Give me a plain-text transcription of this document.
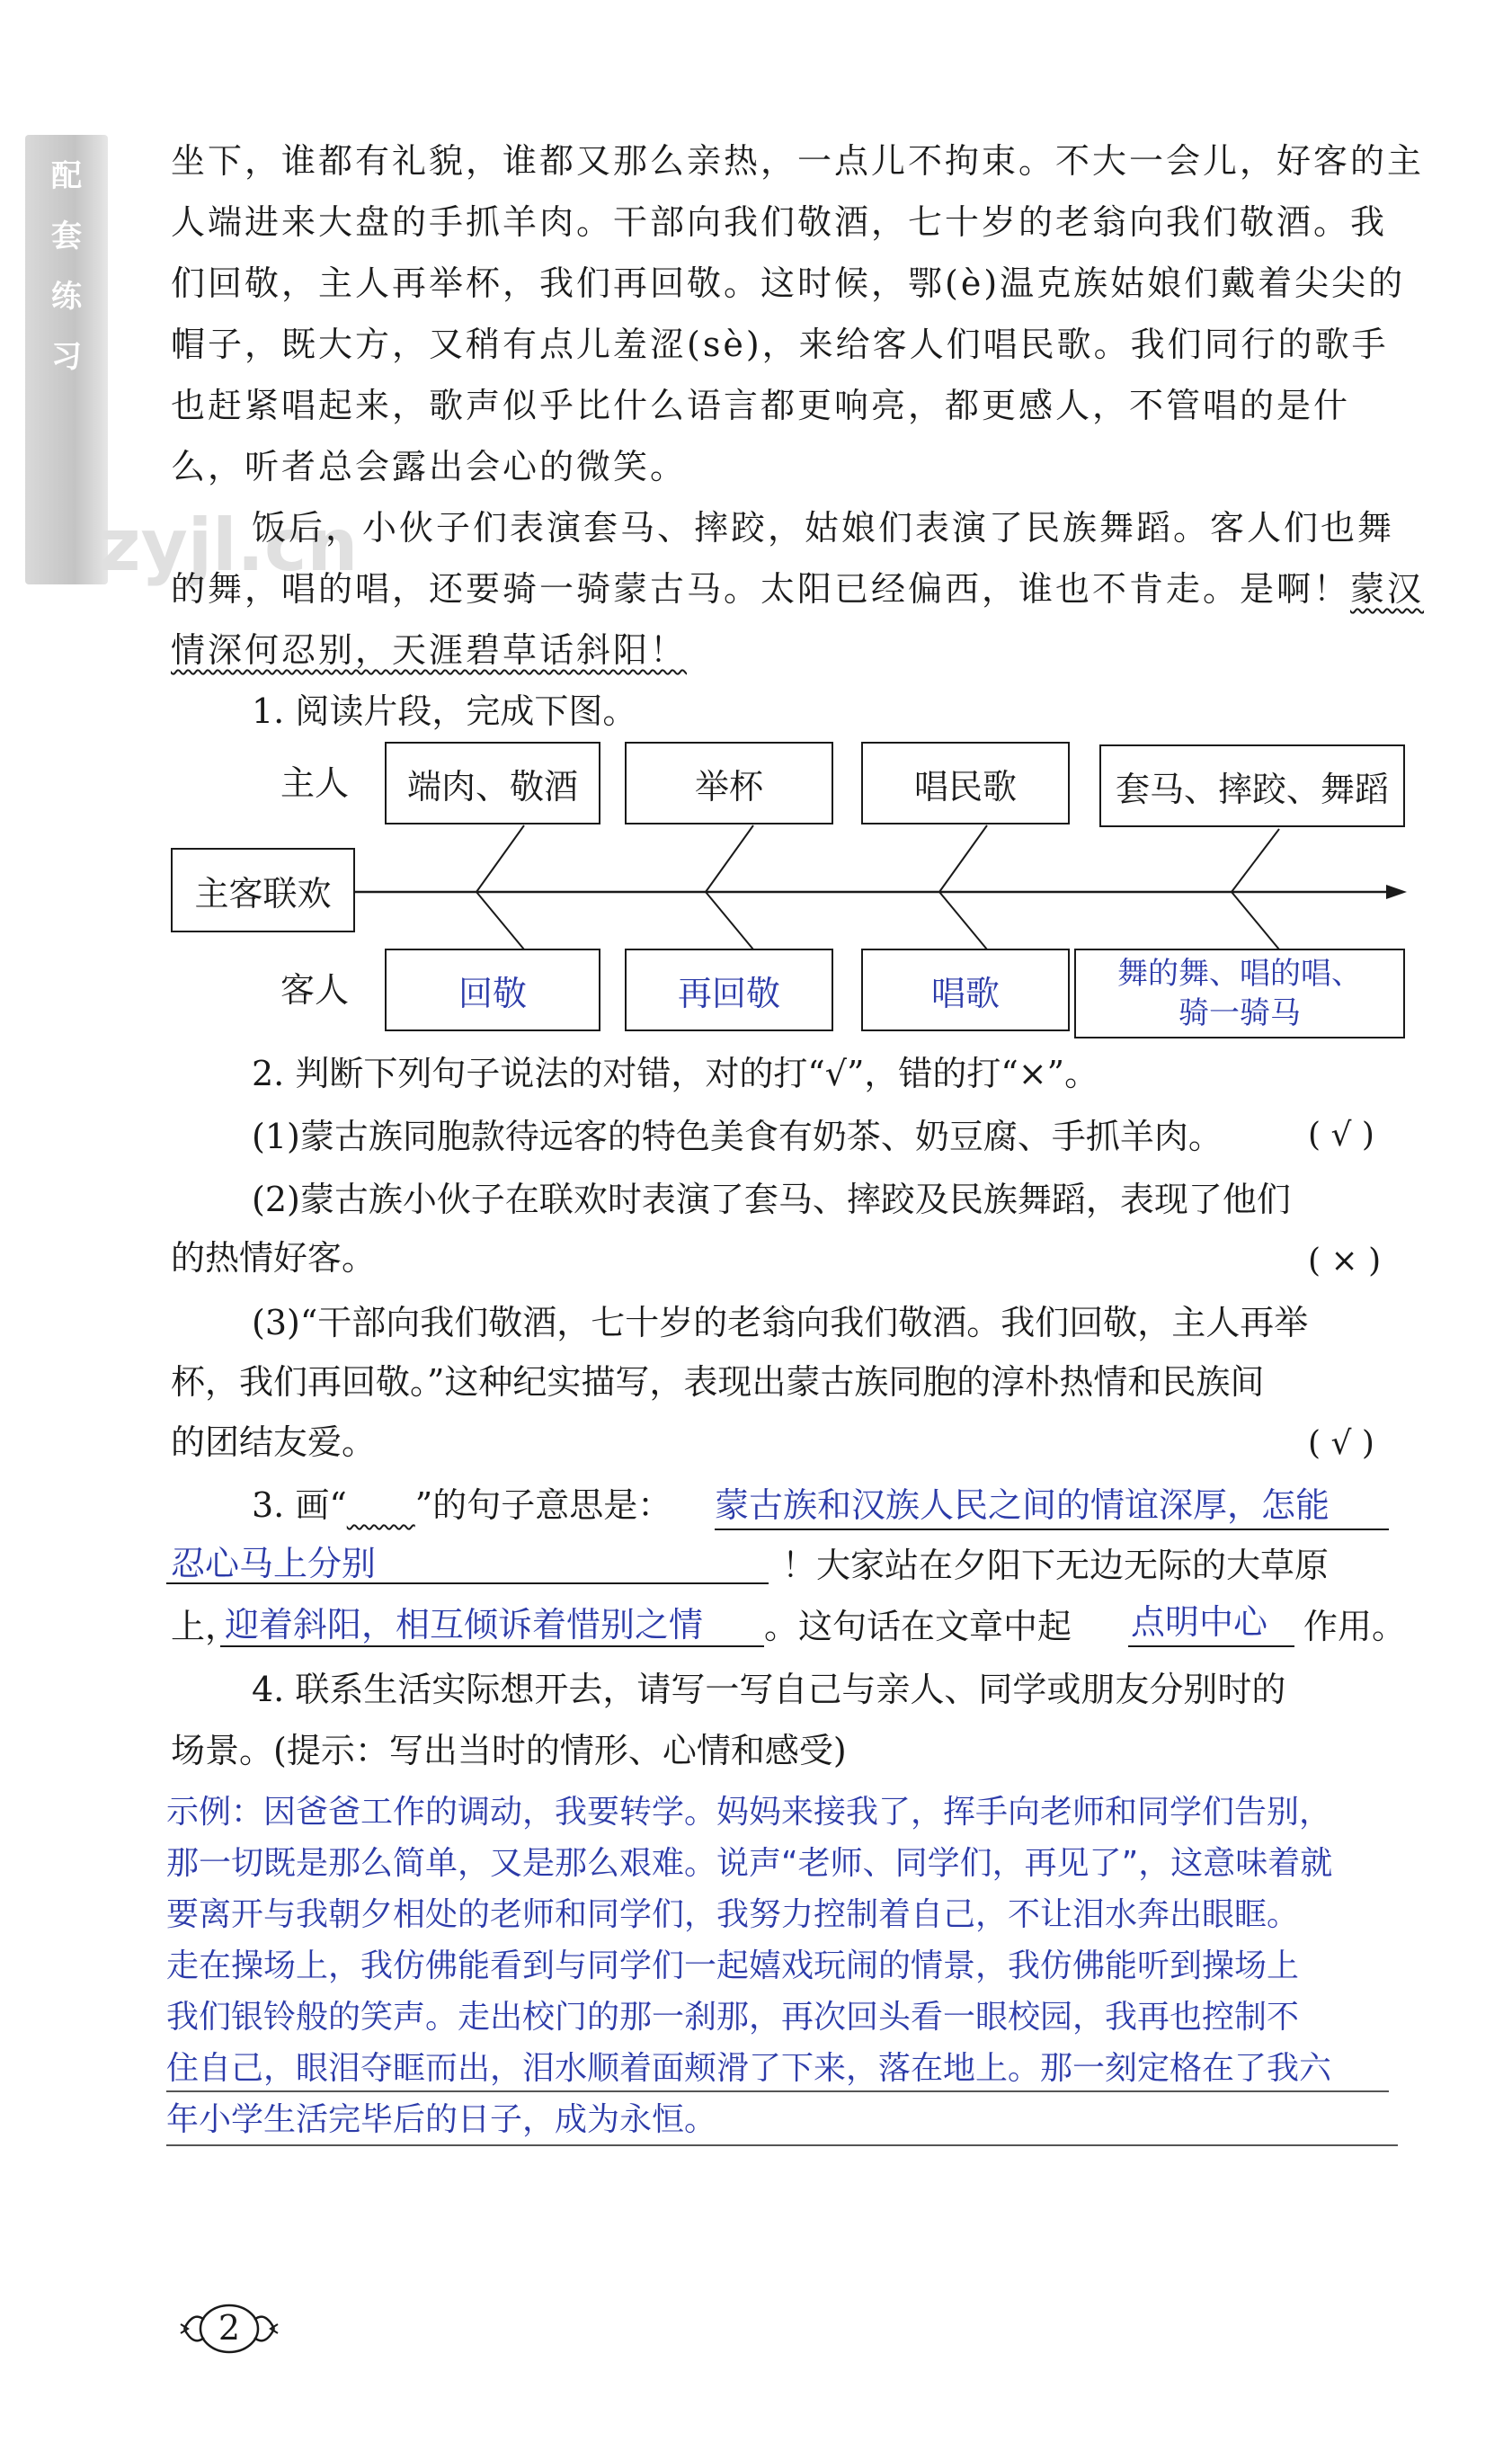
配
套
练
习
zyjl.cn
坐下，谁都有礼貌，谁都又那么亲热，一点儿不拘束。不大一会儿，好客的主
人端进来大盘的手抓羊肉。干部向我们敬酒，七十岁的老翁向我们敬酒。我
们回敬，主人再举杯，我们再回敬。这时候，鄂(è)温克族姑娘们戴着尖尖的
帽子，既大方，又稍有点儿羞涩(sè)，来给客人们唱民歌。我们同行的歌手
也赶紧唱起来，歌声似乎比什么语言都更响亮，都更感人，不管唱的是什
么，听者总会露出会心的微笑。
饭后，小伙子们表演套马、摔跤，姑娘们表演了民族舞蹈。客人们也舞
的舞，唱的唱，还要骑一骑蒙古马。太阳已经偏西，谁也不肯走。是啊！蒙汉
情深何忍别，天涯碧草话斜阳！
1. 阅读片段，完成下图。
主人
客人
主客联欢
端肉、敬酒	举杯	唱民歌	套马、摔跤、舞蹈
回敬	再回敬	唱歌	舞的舞、唱的唱、
骑一骑马
2. 判断下列句子说法的对错，对的打“√”，错的打“×”。
(1)蒙古族同胞款待远客的特色美食有奶茶、奶豆腐、手抓羊肉。	( √ )
(2)蒙古族小伙子在联欢时表演了套马、摔跤及民族舞蹈，表现了他们
的热情好客。	( × )
(3)“干部向我们敬酒，七十岁的老翁向我们敬酒。我们回敬，主人再举
杯，我们再回敬。”这种纪实描写，表现出蒙古族同胞的淳朴热情和民族间
的团结友爱。	( √ )
3. 画“ ”的句子意思是： 蒙古族和汉族人民之间的情谊深厚，怎能
忍心马上分别	！大家站在夕阳下无边无际的大草原
上，
迎着斜阳，相互倾诉着惜别之情 。这句话在文章中起 点明中心 作用。
4. 联系生活实际想开去，请写一写自己与亲人、同学或朋友分别时的
场景。(提示：写出当时的情形、心情和感受)
示例：因爸爸工作的调动，我要转学。妈妈来接我了，挥手向老师和同学们告别，
那一切既是那么简单，又是那么艰难。说声“老师、同学们，再见了”，这意味着就
要离开与我朝夕相处的老师和同学们，我努力控制着自己，不让泪水奔出眼眶。
走在操场上，我仿佛能看到与同学们一起嬉戏玩闹的情景，我仿佛能听到操场上
我们银铃般的笑声。走出校门的那一刹那，再次回头看一眼校园，我再也控制不
住自己，眼泪夺眶而出，泪水顺着面颊滑了下来，落在地上。那一刻定格在了我六
年小学生活完毕后的日子，成为永恒。
2
